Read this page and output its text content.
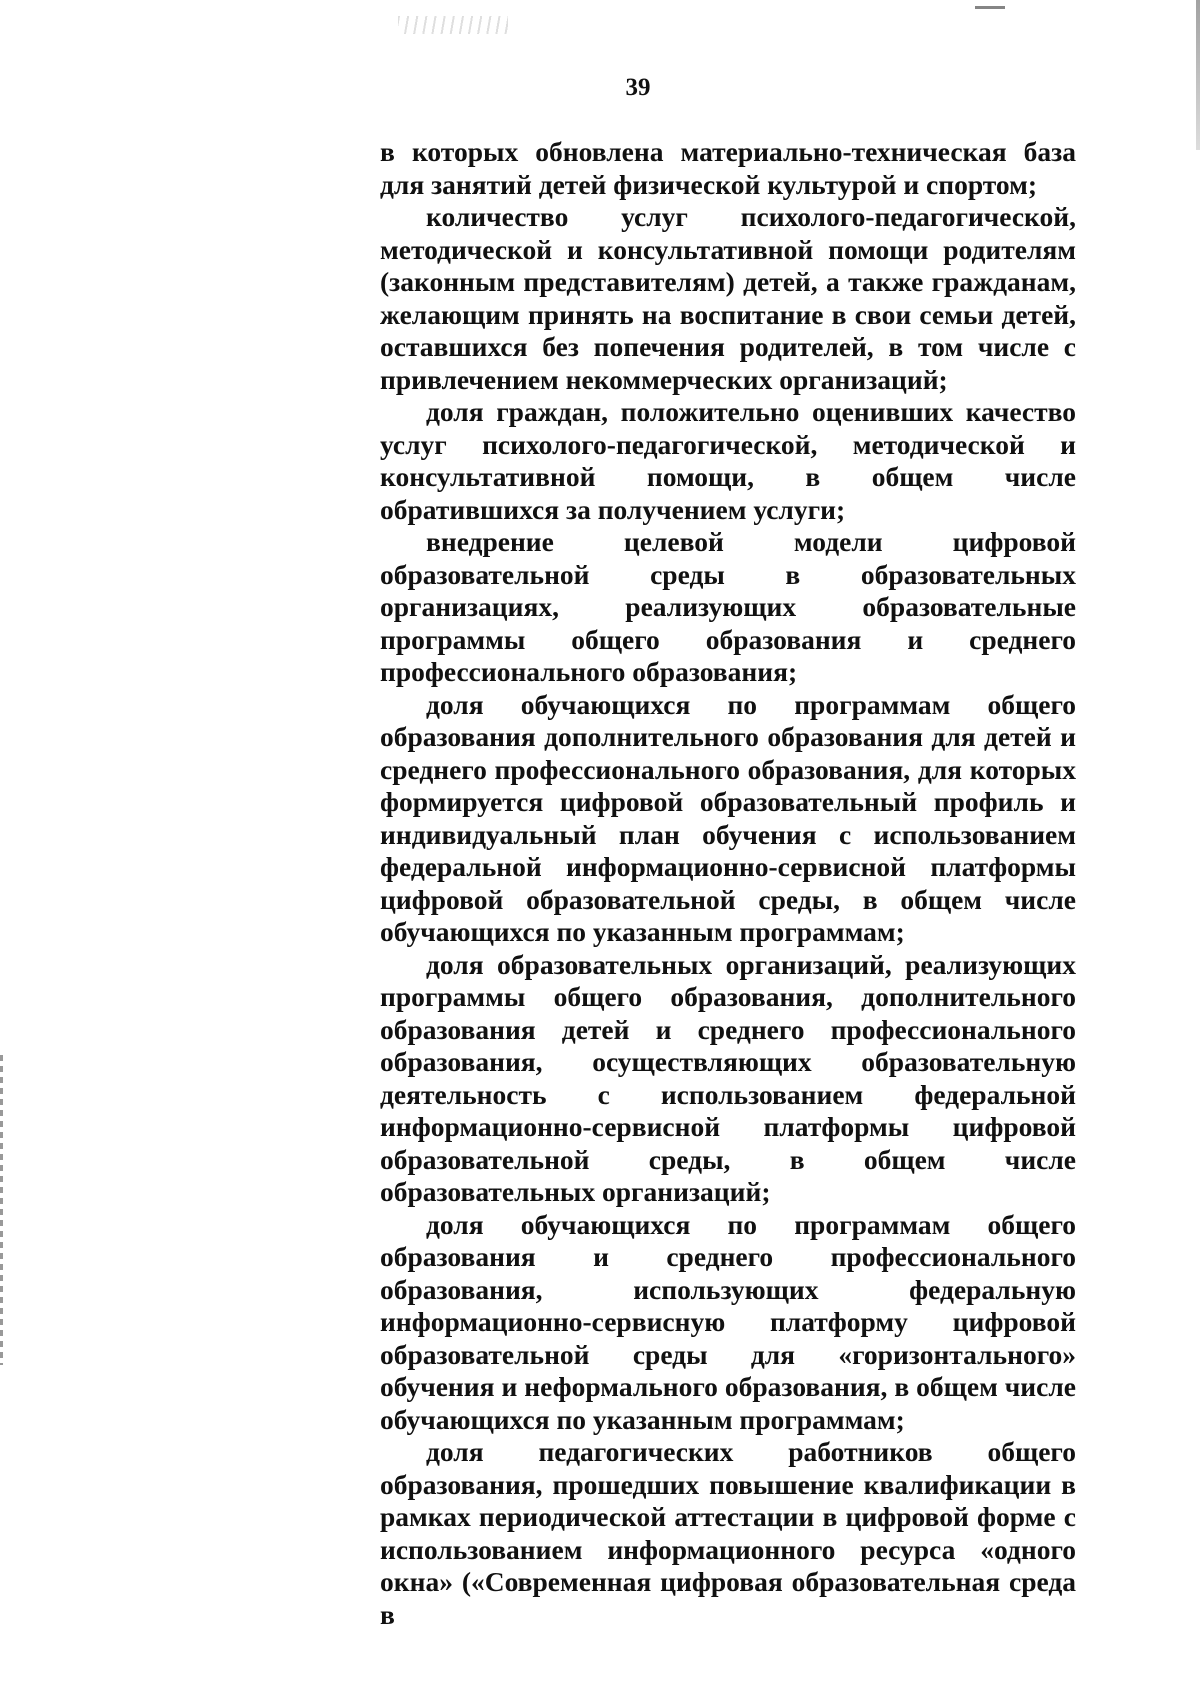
39

в которых обновлена материально-техническая база для занятий детей физической культурой и спортом;

количество услуг психолого-педагогической, методической и консультативной помощи родителям (законным представителям) детей, а также гражданам, желающим принять на воспитание в свои семьи детей, оставшихся без попечения родителей, в том числе с привлечением некоммерческих организаций;

доля граждан, положительно оценивших качество услуг психолого-педагогической, методической и консультативной помощи, в общем числе обратившихся за получением услуги;

внедрение целевой модели цифровой образовательной среды в образовательных организациях, реализующих образовательные программы общего образования и среднего профессионального образования;

доля обучающихся по программам общего образования дополнительного образования для детей и среднего профессионального образования, для которых формируется цифровой образовательный профиль и индивидуальный план обучения с использованием федеральной информационно-сервисной платформы цифровой образовательной среды, в общем числе обучающихся по указанным программам;

доля образовательных организаций, реализующих программы общего образования, дополнительного образования детей и среднего профессионального образования, осуществляющих образовательную деятельность с использованием федеральной информационно-сервисной платформы цифровой образовательной среды, в общем числе образовательных организаций;

доля обучающихся по программам общего образования и среднего профессионального образования, использующих федеральную информационно-сервисную платформу цифровой образовательной среды для «горизонтального» обучения и неформального образования, в общем числе обучающихся по указанным программам;

доля педагогических работников общего образования, прошедших повышение квалификации в рамках периодической аттестации в цифровой форме с использованием информационного ресурса «одного окна» («Современная цифровая образовательная среда в
